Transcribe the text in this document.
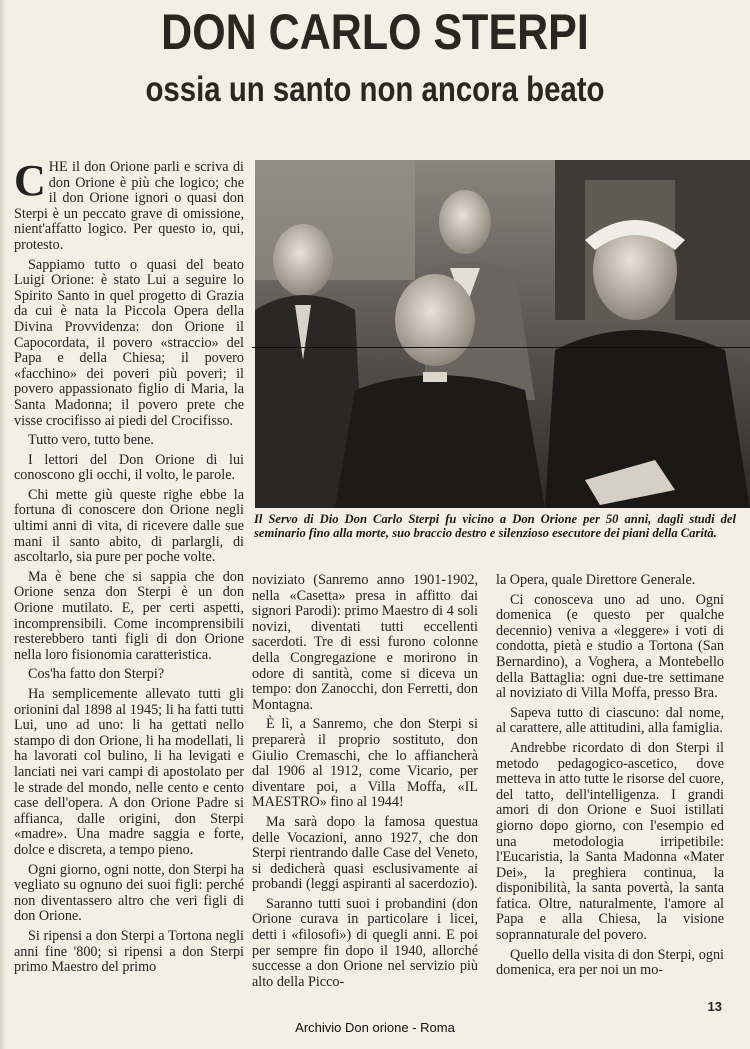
DON CARLO STERPI
ossia un santo non ancora beato

CHE il don Orione parli e scriva di don Orione è più che logico; che il don Orione ignori o quasi don Sterpi è un peccato grave di omissione, nient'affatto logico. Per questo io, qui, protesto.

Sappiamo tutto o quasi del beato Luigi Orione: è stato Lui a seguire lo Spirito Santo in quel progetto di Grazia da cui è nata la Piccola Opera della Divina Provvidenza: don Orione il Capocordata, il povero «straccio» del Papa e della Chiesa; il povero «facchino» dei poveri più poveri; il povero appassionato figlio di Maria, la Santa Madonna; il povero prete che visse crocifisso ai piedi del Crocifisso.

Tutto vero, tutto bene.

I lettori del Don Orione di lui conoscono gli occhi, il volto, le parole.

Chi mette giù queste righe ebbe la fortuna di conoscere don Orione negli ultimi anni di vita, di ricevere dalle sue mani il santo abito, di parlargli, di ascoltarlo, sia pure per poche volte.

Ma è bene che si sappia che don Orione senza don Sterpi è un don Orione mutilato. E, per certi aspetti, incomprensibili. Come incomprensibili resterebbero tanti figli di don Orione nella loro fisionomia caratteristica.

Cos'ha fatto don Sterpi?

Ha semplicemente allevato tutti gli orionini dal 1898 al 1945; li ha fatti tutti Lui, uno ad uno: li ha gettati nello stampo di don Orione, li ha modellati, li ha lavorati col bulino, li ha levigati e lanciati nei vari campi di apostolato per le strade del mondo, nelle cento e cento case dell'opera. A don Orione Padre si affianca, dalle origini, don Sterpi «madre». Una madre saggia e forte, dolce e discreta, a tempo pieno.

Ogni giorno, ogni notte, don Sterpi ha vegliato su ognuno dei suoi figli: perché non diventassero altro che veri figli di don Orione.

Si ripensi a don Sterpi a Tortona negli anni fine '800; si ripensi a don Sterpi primo Maestro del primo

Il Servo di Dio Don Carlo Sterpi fu vicino a Don Orione per 50 anni, dagli studi del seminario fino alla morte, suo braccio destro e silenzioso esecutore dei piani della Carità.

noviziato (Sanremo anno 1901-1902, nella «Casetta» presa in affitto dai signori Parodi): primo Maestro di 4 soli novizi, diventati tutti eccellenti sacerdoti. Tre di essi furono colonne della Congregazione e morirono in odore di santità, come si diceva un tempo: don Zanocchi, don Ferretti, don Montagna.

È lì, a Sanremo, che don Sterpi si preparerà il proprio sostituto, don Giulio Cremaschi, che lo affiancherà dal 1906 al 1912, come Vicario, per diventare poi, a Villa Moffa, «IL MAESTRO» fino al 1944!

Ma sarà dopo la famosa questua delle Vocazioni, anno 1927, che don Sterpi rientrando dalle Case del Veneto, si dedicherà quasi esclusivamente ai probandi (leggi aspiranti al sacerdozio).

Saranno tutti suoi i probandini (don Orione curava in particolare i licei, detti i «filosofi») di quegli anni. E poi per sempre fin dopo il 1940, allorché successe a don Orione nel servizio più alto della Picco-

la Opera, quale Direttore Generale.

Ci conosceva uno ad uno. Ogni domenica (e questo per qualche decennio) veniva a «leggere» i voti di condotta, pietà e studio a Tortona (San Bernardino), a Voghera, a Montebello della Battaglia: ogni due-tre settimane al noviziato di Villa Moffa, presso Bra.

Sapeva tutto di ciascuno: dal nome, al carattere, alle attitudini, alla famiglia.

Andrebbe ricordato di don Sterpi il metodo pedagogico-ascetico, dove metteva in atto tutte le risorse del cuore, del tatto, dell'intelligenza. I grandi amori di don Orione e Suoi istillati giorno dopo giorno, con l'esempio ed una metodologia irripetibile: l'Eucaristia, la Santa Madonna «Mater Dei», la preghiera continua, la disponibilità, la santa povertà, la santa fatica. Oltre, naturalmente, l'amore al Papa e alla Chiesa, la visione soprannaturale del povero.

Quello della visita di don Sterpi, ogni domenica, era per noi un mo-

13
Archivio Don orione - Roma
